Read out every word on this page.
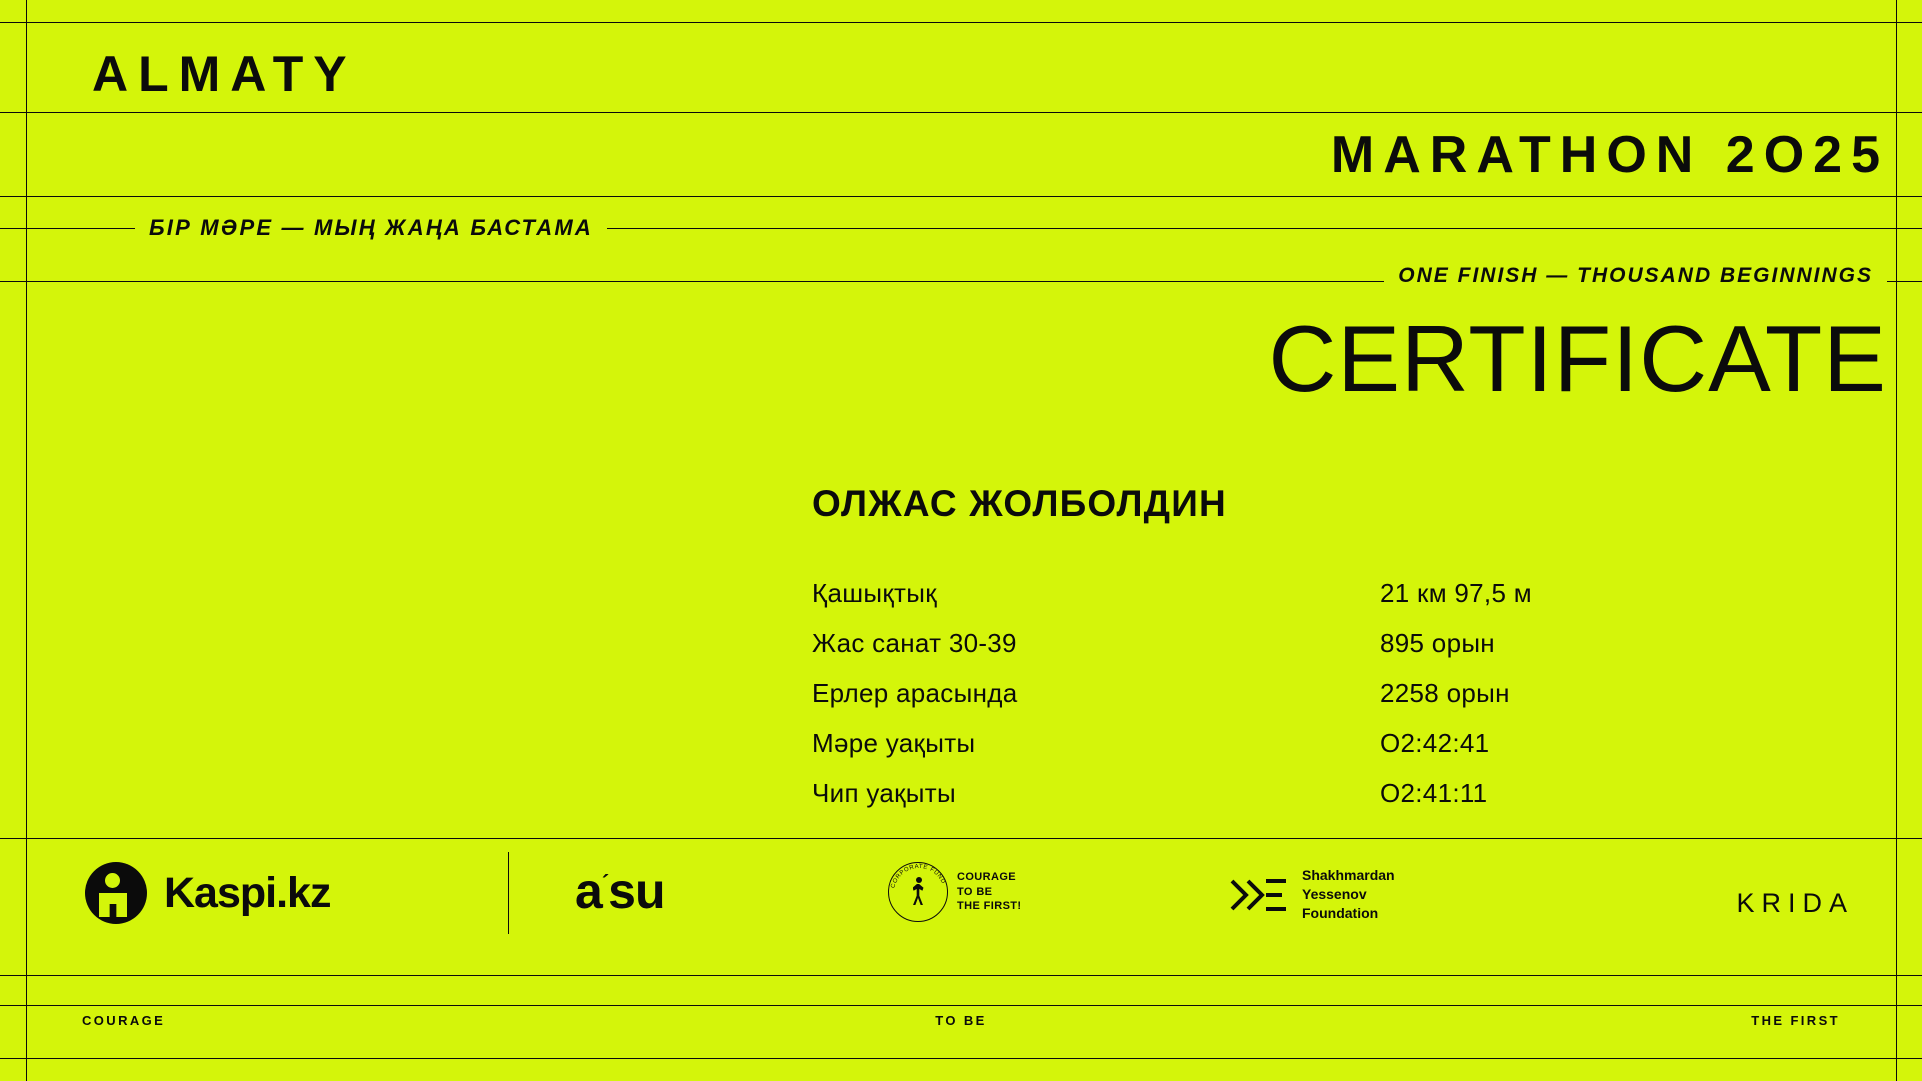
ALMATY
MARATHON 2O25
БІР МӘРЕ — МЫҢ ЖАҢА БАСТАМА
ONE FINISH — THOUSAND BEGINNINGS
CERTIFICATE
ОЛЖАС ЖОЛБОЛДИН
Қашықтық	21 км 97,5 м
Жас санат 30-39	895 орын
Ерлер арасында	2258 орын
Мәре уақыты	O2:42:41
Чип уақыты	O2:41:11
Kaspi.kz	a´su	CORPORATE FUND COURAGE
TO BE
THE FIRST!
Shakhmardan
Yessenov
Foundation	KRIDA
COURAGE	TO BE	THE FIRST
